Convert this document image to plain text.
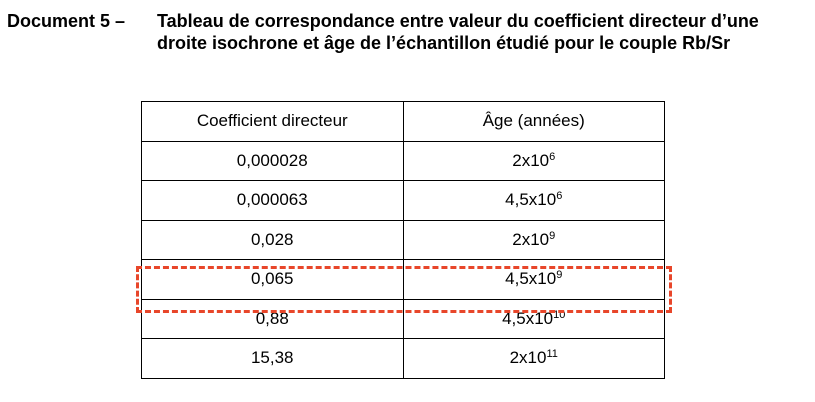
Document 5 – Tableau de correspondance entre valeur du coefficient directeur d’une droite isochrone et âge de l’échantillon étudié pour le couple Rb/Sr
Coefficient directeur	Âge (années)
0,000028	$2x10^6$
0,000063	$4,5x10^6$
0,028	$2x10^9$
0,065	$4,5x10^9$
0,88	$4,5x10^{10}$
15,38	$2x10^{11}$
